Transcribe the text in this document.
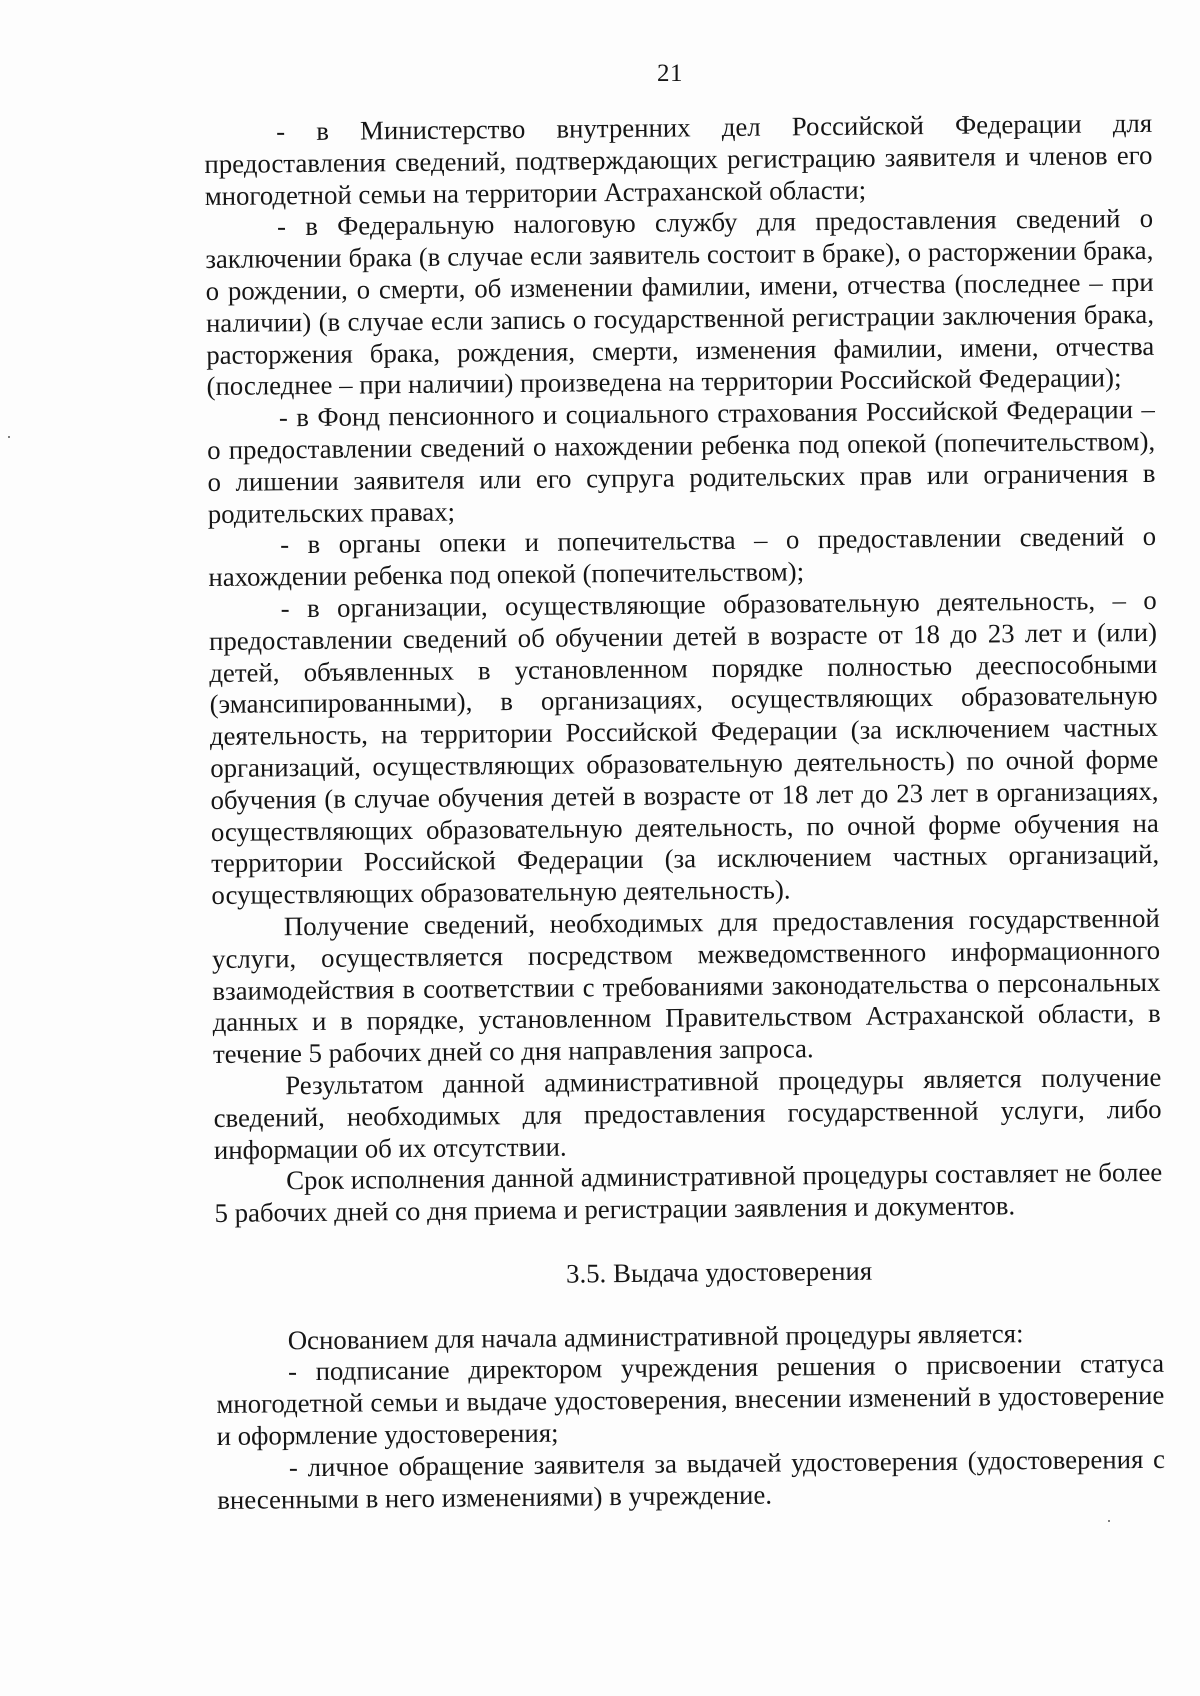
21

- в Министерство внутренних дел Российской Федерации для предоставления сведений, подтверждающих регистрацию заявителя и членов его многодетной семьи на территории Астраханской области;

- в Федеральную налоговую службу для предоставления сведений о заключении брака (в случае если заявитель состоит в браке), о расторжении брака, о рождении, о смерти, об изменении фамилии, имени, отчества (последнее – при наличии) (в случае если запись о государственной регистрации заключения брака, расторжения брака, рождения, смерти, изменения фамилии, имени, отчества (последнее – при наличии) произведена на территории Российской Федерации);

- в Фонд пенсионного и социального страхования Российской Федерации – о предоставлении сведений о нахождении ребенка под опекой (попечительством), о лишении заявителя или его супруга родительских прав или ограничения в родительских правах;

- в органы опеки и попечительства – о предоставлении сведений о нахождении ребенка под опекой (попечительством);

- в организации, осуществляющие образовательную деятельность, – о предоставлении сведений об обучении детей в возрасте от 18 до 23 лет и (или) детей, объявленных в установленном порядке полностью дееспособными (эмансипированными), в организациях, осуществляющих образовательную деятельность, на территории Российской Федерации (за исключением частных организаций, осуществляющих образовательную деятельность) по очной форме обучения (в случае обучения детей в возрасте от 18 лет до 23 лет в организациях, осуществляющих образовательную деятельность, по очной форме обучения на территории Российской Федерации (за исключением частных организаций, осуществляющих образовательную деятельность).

Получение сведений, необходимых для предоставления государственной услуги, осуществляется посредством межведомственного информационного взаимодействия в соответствии с требованиями законодательства о персональных данных и в порядке, установленном Правительством Астраханской области, в течение 5 рабочих дней со дня направления запроса.

Результатом данной административной процедуры является получение сведений, необходимых для предоставления государственной услуги, либо информации об их отсутствии.

Срок исполнения данной административной процедуры составляет не более 5 рабочих дней со дня приема и регистрации заявления и документов.

3.5. Выдача удостоверения

Основанием для начала административной процедуры является:

- подписание директором учреждения решения о присвоении статуса многодетной семьи и выдаче удостоверения, внесении изменений в удостоверение и оформление удостоверения;

- личное обращение заявителя за выдачей удостоверения (удостоверения с внесенными в него изменениями) в учреждение.
